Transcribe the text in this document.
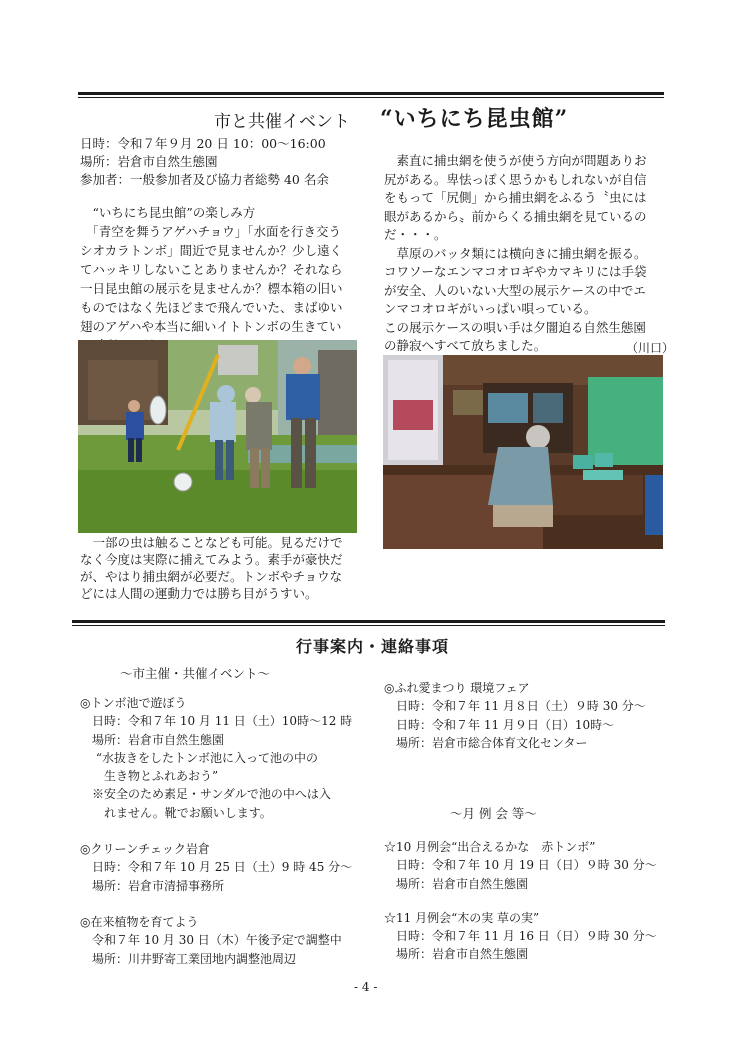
市と共催イベント “いちにち昆虫館”
日時：令和７年９月 20 日 10：00〜16:00
場所：岩倉市自然生態園
参加者：一般参加者及び協力者総勢 40 名余
　“いちにち昆虫館”の楽しみ方
　「青空を舞うアゲハチョウ」「水面を行き交う
シオカラトンボ」間近で見ませんか？少し遠く
てハッキリしないことありませんか？それなら
一日昆虫館の展示を見ませんか？標本箱の旧い
ものではなく先ほどまで飛んでいた、まばゆい
翅のアゲハや本当に細いイトトンボの生きてい
　一部の虫は触ることなども可能。見るだけで
なく今度は実際に捕えてみよう。素手が豪快だ
が、やはり捕虫網が必要だ。トンボやチョウな
どには人間の運動力では勝ち目がうすい。
　素直に捕虫網を使うが使う方向が問題ありお
尻がある。卑怯っぽく思うかもしれないが自信
をもって「尻側」から捕虫網をふるう〝虫には
眼があるから〟前からくる捕虫網を見ているの
だ・・・。
　草原のバッタ類には横向きに捕虫網を振る。
コワソーなエンマコオロギやカマキリには手袋
が安全、人のいない大型の展示ケースの中でエ
ンマコオロギがいっぱい唄っている。
この展示ケースの唄い手は夕闇迫る自然生態園
の静寂へすべて放ちました。	（川口）
行事案内・連絡事項
〜市主催・共催イベント〜
◎トンボ池で遊ぼう
　日時：令和７年 10 月 11 日（土）10時〜12 時
　場所：岩倉市自然生態園
　 “水抜きをしたトンボ池に入って池の中の
　　生き物とふれあおう”
　※安全のため素足・サンダルで池の中へは入
　　れません。靴でお願いします。
◎クリーンチェック岩倉
　日時：令和７年 10 月 25 日（土）9 時 45 分〜
　場所：岩倉市清掃事務所
◎在来植物を育てよう
　令和７年 10 月 30 日（木）午後予定で調整中
　場所：川井野寄工業団地内調整池周辺
◎ふれ愛まつり 環境フェア
　日時：令和７年 11 月８日（土）９時 30 分〜
　日時：令和７年 11 月９日（日）10時〜
　場所：岩倉市総合体育文化センター
〜月 例 会 等〜
☆10 月例会“出合えるかな　赤トンボ”
　日時：令和７年 10 月 19 日（日）９時 30 分〜
　場所：岩倉市自然生態園
☆11 月例会“木の実 草の実”
　日時：令和７年 11 月 16 日（日）９時 30 分〜
　場所：岩倉市自然生態園
- 4 -
